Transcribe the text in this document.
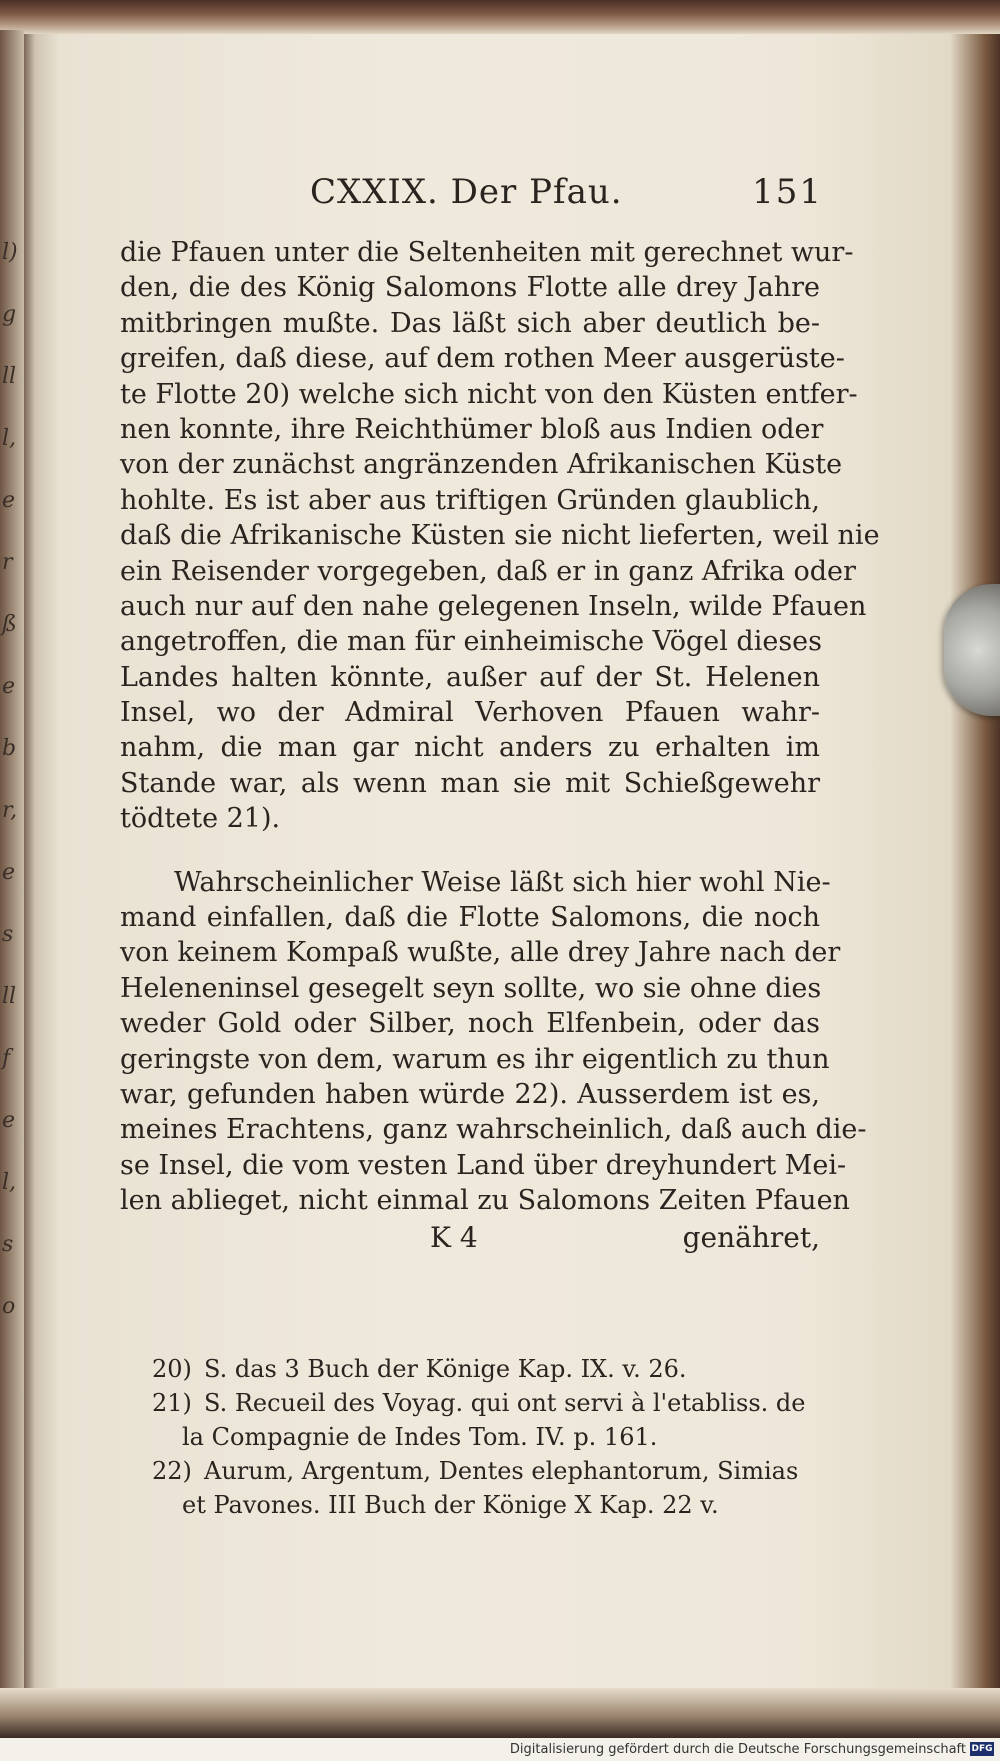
l)
g
ll
l,
e
r
ß
e
b
r,
e
s
ll
f
e
l,
s
o
CXXIX. Der Pfau.	151
die Pfauen unter die Seltenheiten mit gerechnet wur-
den, die des König Salomons Flotte alle drey Jahre
mitbringen mußte. Das läßt sich aber deutlich be-
greifen, daß diese, auf dem rothen Meer ausgerüste-
te Flotte 20) welche sich nicht von den Küsten entfer-
nen konnte, ihre Reichthümer bloß aus Indien oder
von der zunächst angränzenden Afrikanischen Küste
hohlte. Es ist aber aus triftigen Gründen glaublich,
daß die Afrikanische Küsten sie nicht lieferten, weil nie
ein Reisender vorgegeben, daß er in ganz Afrika oder
auch nur auf den nahe gelegenen Inseln, wilde Pfauen
angetroffen, die man für einheimische Vögel dieses
Landes halten könnte, außer auf der St. Helenen
Insel, wo der Admiral Verhoven Pfauen wahr-
nahm, die man gar nicht anders zu erhalten im
Stande war, als wenn man sie mit Schießgewehr
tödtete 21).
Wahrscheinlicher Weise läßt sich hier wohl Nie-
mand einfallen, daß die Flotte Salomons, die noch
von keinem Kompaß wußte, alle drey Jahre nach der
Heleneninsel gesegelt seyn sollte, wo sie ohne dies
weder Gold oder Silber, noch Elfenbein, oder das
geringste von dem, warum es ihr eigentlich zu thun
war, gefunden haben würde 22). Ausserdem ist es,
meines Erachtens, ganz wahrscheinlich, daß auch die-
se Insel, die vom vesten Land über dreyhundert Mei-
len ablieget, nicht einmal zu Salomons Zeiten Pfauen
K 4	genähret,
20) S. das 3 Buch der Könige Kap. IX. v. 26.
21) S. Recueil des Voyag. qui ont servi à l'etabliss. de
la Compagnie de Indes Tom. IV. p. 161.
22) Aurum, Argentum, Dentes elephantorum, Simias
et Pavones. III Buch der Könige X Kap. 22 v.
Digitalisierung gefördert durch die Deutsche Forschungsgemeinschaft DFG
